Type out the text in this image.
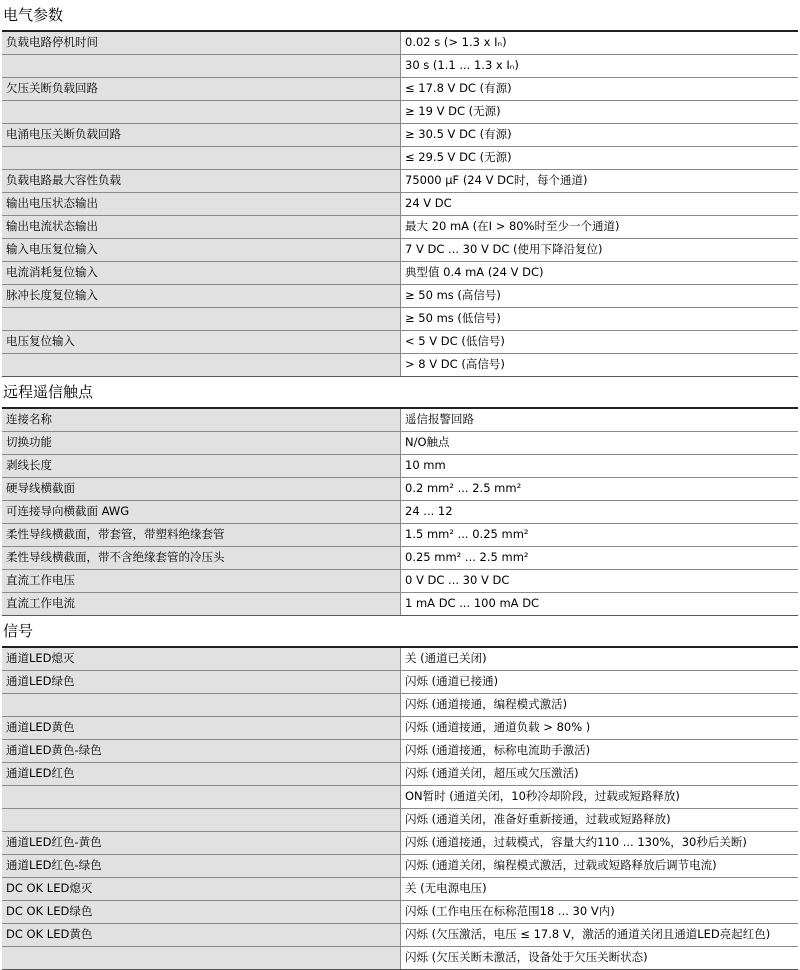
电气参数
负载电路停机时间	0.02 s (> 1.3 x Iₙ)
30 s (1.1 ... 1.3 x Iₙ)
欠压关断负载回路	≤ 17.8 V DC (有源)
≥ 19 V DC (无源)
电涌电压关断负载回路	≥ 30.5 V DC (有源)
≤ 29.5 V DC (无源)
负载电路最大容性负载	75000 μF (24 V DC时，每个通道)
输出电压状态输出	24 V DC
输出电流状态输出	最大 20 mA (在I > 80%时至少一个通道)
输入电压复位输入	7 V DC ... 30 V DC (使用下降沿复位)
电流消耗复位输入	典型值 0.4 mA (24 V DC)
脉冲长度复位输入	≥ 50 ms (高信号)
≥ 50 ms (低信号)
电压复位输入	< 5 V DC (低信号)
> 8 V DC (高信号)
远程遥信触点
连接名称	遥信报警回路
切换功能	N/O触点
剥线长度	10 mm
硬导线横截面	0.2 mm² ... 2.5 mm²
可连接导向横截面 AWG	24 ... 12
柔性导线横截面，带套管，带塑料绝缘套管	1.5 mm² ... 0.25 mm²
柔性导线横截面，带不含绝缘套管的冷压头	0.25 mm² ... 2.5 mm²
直流工作电压	0 V DC ... 30 V DC
直流工作电流	1 mA DC ... 100 mA DC
信号
通道LED熄灭	关 (通道已关闭)
通道LED绿色	闪烁 (通道已接通)
闪烁 (通道接通，编程模式激活)
通道LED黄色	闪烁 (通道接通，通道负载 > 80% )
通道LED黄色-绿色	闪烁 (通道接通，标称电流助手激活)
通道LED红色	闪烁 (通道关闭，超压或欠压激活)
ON暂时 (通道关闭，10秒冷却阶段，过载或短路释放)
闪烁 (通道关闭，准备好重新接通，过载或短路释放)
通道LED红色-黄色	闪烁 (通道接通，过载模式，容量大约110 ... 130%，30秒后关断)
通道LED红色-绿色	闪烁 (通道关闭，编程模式激活，过载或短路释放后调节电流)
DC OK LED熄灭	关 (无电源电压)
DC OK LED绿色	闪烁 (工作电压在标称范围18 ... 30 V内)
DC OK LED黄色	闪烁 (欠压激活，电压 ≤ 17.8 V，激活的通道关闭且通道LED亮起红色)
闪烁 (欠压关断未激活，设备处于欠压关断状态)
